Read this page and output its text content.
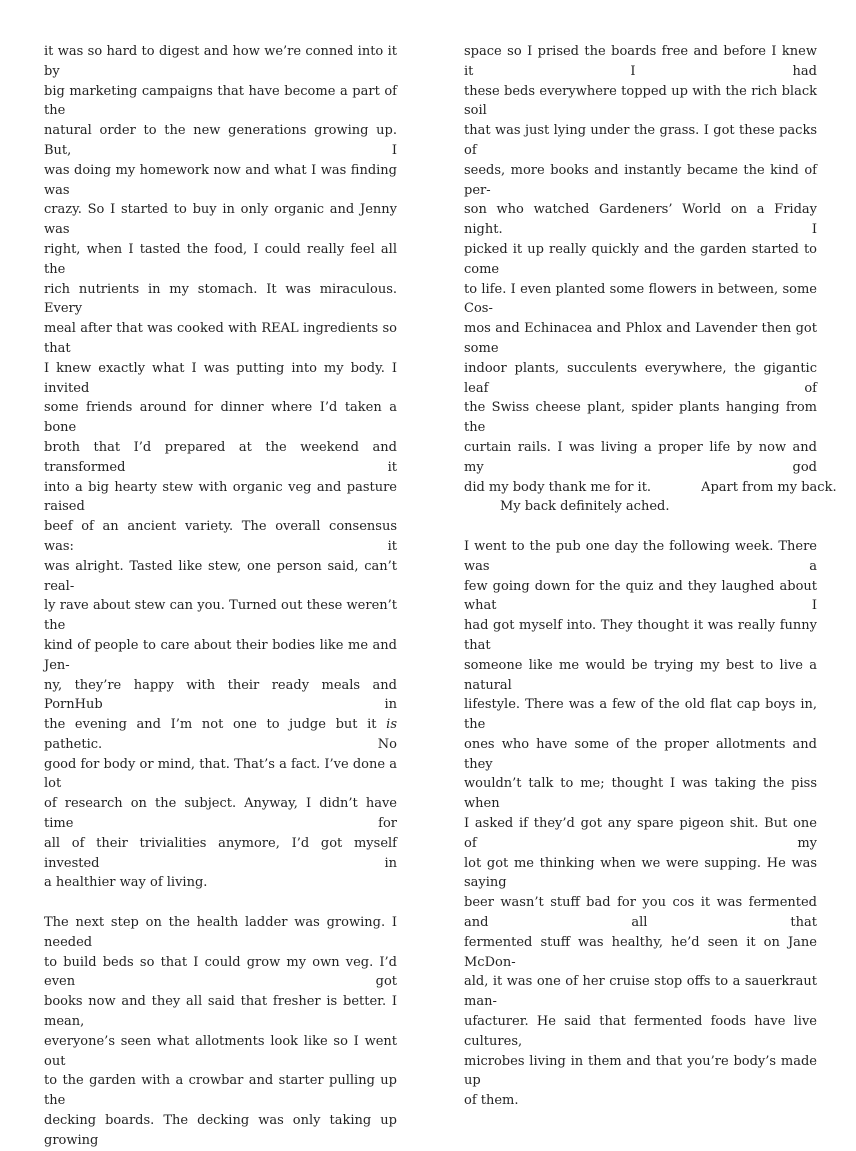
it was so hard to digest and how we’re conned into it by
big marketing campaigns that have become a part of the
natural order to the new generations growing up. But, I
was doing my homework now and what I was finding was
crazy. So I started to buy in only organic and Jenny was
right, when I tasted the food, I could really feel all the
rich nutrients in my stomach. It was miraculous. Every
meal after that was cooked with REAL ingredients so that
I knew exactly what I was putting into my body. I invited
some friends around for dinner where I’d taken a bone
broth that I’d prepared at the weekend and transformed it
into a big hearty stew with organic veg and pasture raised
beef of an ancient variety. The overall consensus was: it
was alright. Tasted like stew, one person said, can’t real-
ly rave about stew can you. Turned out these weren’t the
kind of people to care about their bodies like me and Jen-
ny, they’re happy with their ready meals and PornHub in
the evening and I’m not one to judge but it is pathetic. No
good for body or mind, that. That’s a fact. I’ve done a lot
of research on the subject. Anyway, I didn’t have time for
all of their trivialities anymore, I’d got myself invested in
a healthier way of living.
The next step on the health ladder was growing. I needed
to build beds so that I could grow my own veg. I’d even got
books now and they all said that fresher is better. I mean,
everyone’s seen what allotments look like so I went out
to the garden with a crowbar and starter pulling up the
decking boards. The decking was only taking up growing
space so I prised the boards free and before I knew it I had
these beds everywhere topped up with the rich black soil
that was just lying under the grass. I got these packs of
seeds, more books and instantly became the kind of per-
son who watched Gardeners’ World on a Friday night. I
picked it up really quickly and the garden started to come
to life. I even planted some flowers in between, some Cos-
mos and Echinacea and Phlox and Lavender then got some
indoor plants, succulents everywhere, the gigantic leaf of
the Swiss cheese plant, spider plants hanging from the
curtain rails. I was living a proper life by now and my god
did my body thank me for it.	Apart from my back.
My back definitely ached.
I went to the pub one day the following week. There was a
few going down for the quiz and they laughed about what I
had got myself into. They thought it was really funny that
someone like me would be trying my best to live a natural
lifestyle. There was a few of the old flat cap boys in, the
ones who have some of the proper allotments and they
wouldn’t talk to me; thought I was taking the piss when
I asked if they’d got any spare pigeon shit. But one of my
lot got me thinking when we were supping. He was saying
beer wasn’t stuff bad for you cos it was fermented and all that
fermented stuff was healthy, he’d seen it on Jane McDon-
ald, it was one of her cruise stop offs to a sauerkraut man-
ufacturer. He said that fermented foods have live cultures,
microbes living in them and that you’re body’s made up
of them.
